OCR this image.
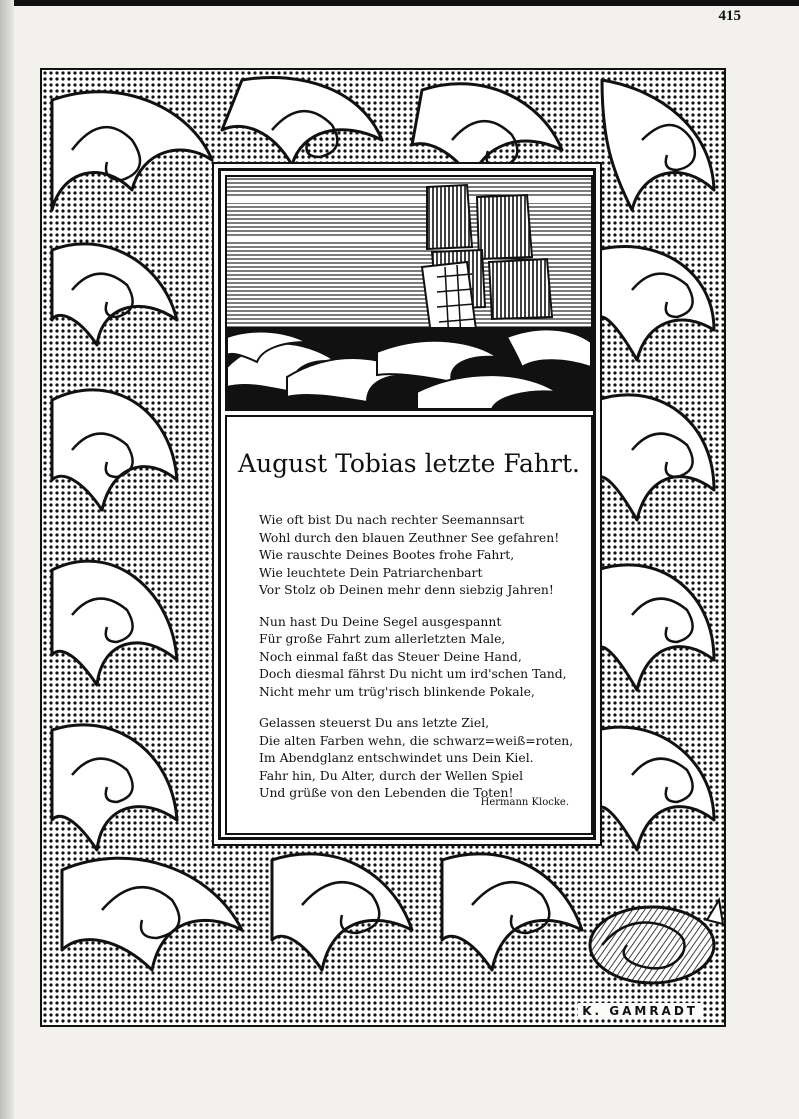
415
K. GAMRADT
August Tobias letzte Fahrt.
Wie oft bist Du nach rechter Seemannsart
Wohl durch den blauen Zeuthner See gefahren!
Wie rauschte Deines Bootes frohe Fahrt,
Wie leuchtete Dein Patriarchenbart
Vor Stolz ob Deinen mehr denn siebzig Jahren!
Nun hast Du Deine Segel ausgespannt
Für große Fahrt zum allerletzten Male,
Noch einmal faßt das Steuer Deine Hand,
Doch diesmal fährst Du nicht um ird'schen Tand,
Nicht mehr um trüg'risch blinkende Pokale,
Gelassen steuerst Du ans letzte Ziel,
Die alten Farben wehn, die schwarz=weiß=roten,
Im Abendglanz entschwindet uns Dein Kiel.
Fahr hin, Du Alter, durch der Wellen Spiel
Und grüße von den Lebenden die Toten!
Hermann Klocke.
